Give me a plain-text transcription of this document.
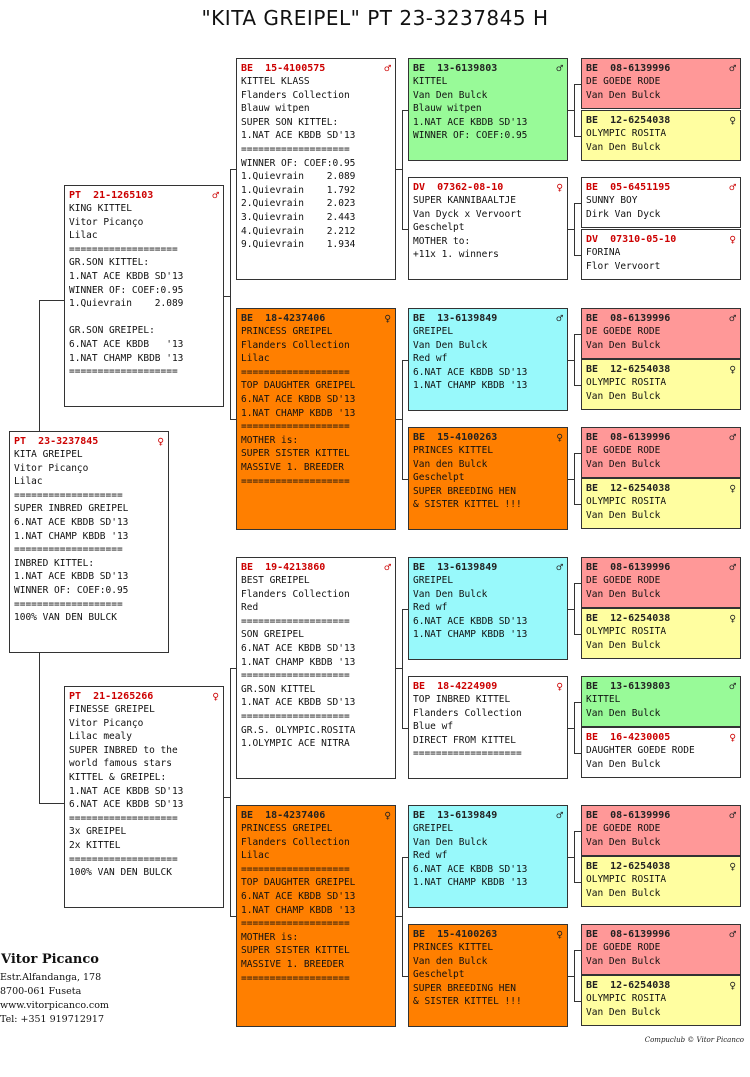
"KITA GREIPEL" PT 23-3237845 H
PT  23-3237845	♀
KITA GREIPEL
Vitor Picanço
Lilac
===================
SUPER INBRED GREIPEL
6.NAT ACE KBDB SD'13
1.NAT CHAMP KBDB '13
===================
INBRED KITTEL:
1.NAT ACE KBDB SD'13
WINNER OF: COEF:0.95
===================
100% VAN DEN BULCK
PT  21-1265103	♂
KING KITTEL
Vitor Picanço
Lilac
===================
GR.SON KITTEL:
1.NAT ACE KBDB SD'13
WINNER OF: COEF:0.95
1.Quievrain    2.089
GR.SON GREIPEL:
6.NAT ACE KBDB   '13
1.NAT CHAMP KBDB '13
===================
PT  21-1265266	♀
FINESSE GREIPEL
Vitor Picanço
Lilac mealy
SUPER INBRED to the
world famous stars
KITTEL & GREIPEL:
1.NAT ACE KBDB SD'13
6.NAT ACE KBDB SD'13
===================
3x GREIPEL
2x KITTEL
===================
100% VAN DEN BULCK
BE  15-4100575	♂
KITTEL KLASS
Flanders Collection
Blauw witpen
SUPER SON KITTEL:
1.NAT ACE KBDB SD'13
===================
WINNER OF: COEF:0.95
1.Quievrain    2.089
1.Quievrain    1.792
2.Quievrain    2.023
3.Quievrain    2.443
4.Quievrain    2.212
9.Quievrain    1.934
BE  18-4237406	♀
PRINCESS GREIPEL
Flanders Collection
Lilac
===================
TOP DAUGHTER GREIPEL
6.NAT ACE KBDB SD'13
1.NAT CHAMP KBDB '13
===================
MOTHER is:
SUPER SISTER KITTEL
MASSIVE 1. BREEDER
===================
BE  19-4213860	♂
BEST GREIPEL
Flanders Collection
Red
===================
SON GREIPEL
6.NAT ACE KBDB SD'13
1.NAT CHAMP KBDB '13
===================
GR.SON KITTEL
1.NAT ACE KBDB SD'13
===================
GR.S. OLYMPIC.ROSITA
1.OLYMPIC ACE NITRA
BE  18-4237406	♀
PRINCESS GREIPEL
Flanders Collection
Lilac
===================
TOP DAUGHTER GREIPEL
6.NAT ACE KBDB SD'13
1.NAT CHAMP KBDB '13
===================
MOTHER is:
SUPER SISTER KITTEL
MASSIVE 1. BREEDER
===================
BE  13-6139803	♂
KITTEL
Van Den Bulck
Blauw witpen
1.NAT ACE KBDB SD'13
WINNER OF: COEF:0.95
DV  07362-08-10	♀
SUPER KANNIBAALTJE
Van Dyck x Vervoort
Geschelpt
MOTHER to:
+11x 1. winners
BE  13-6139849	♂
GREIPEL
Van Den Bulck
Red wf
6.NAT ACE KBDB SD'13
1.NAT CHAMP KBDB '13
BE  15-4100263	♀
PRINCES KITTEL
Van den Bulck
Geschelpt
SUPER BREEDING HEN
& SISTER KITTEL !!!
BE  13-6139849	♂
GREIPEL
Van Den Bulck
Red wf
6.NAT ACE KBDB SD'13
1.NAT CHAMP KBDB '13
BE  18-4224909	♀
TOP INBRED KITTEL
Flanders Collection
Blue wf
DIRECT FROM KITTEL
===================
BE  13-6139849	♂
GREIPEL
Van Den Bulck
Red wf
6.NAT ACE KBDB SD'13
1.NAT CHAMP KBDB '13
BE  15-4100263	♀
PRINCES KITTEL
Van den Bulck
Geschelpt
SUPER BREEDING HEN
& SISTER KITTEL !!!
BE  08-6139996	♂
DE GOEDE RODE
Van Den Bulck
BE  12-6254038	♀
OLYMPIC ROSITA
Van Den Bulck
BE  05-6451195	♂
SUNNY BOY
Dirk Van Dyck
DV  07310-05-10	♀
FORINA
Flor Vervoort
BE  08-6139996	♂
DE GOEDE RODE
Van Den Bulck
BE  12-6254038	♀
OLYMPIC ROSITA
Van Den Bulck
BE  08-6139996	♂
DE GOEDE RODE
Van Den Bulck
BE  12-6254038	♀
OLYMPIC ROSITA
Van Den Bulck
BE  08-6139996	♂
DE GOEDE RODE
Van Den Bulck
BE  12-6254038	♀
OLYMPIC ROSITA
Van Den Bulck
BE  13-6139803	♂
KITTEL
Van Den Bulck
BE  16-4230005	♀
DAUGHTER GOEDE RODE
Van Den Bulck
BE  08-6139996	♂
DE GOEDE RODE
Van Den Bulck
BE  12-6254038	♀
OLYMPIC ROSITA
Van Den Bulck
BE  08-6139996	♂
DE GOEDE RODE
Van Den Bulck
BE  12-6254038	♀
OLYMPIC ROSITA
Van Den Bulck
Vitor Picanco
Estr.Alfandanga, 178
8700-061 Fuseta
www.vitorpicanco.com
Tel: +351 919712917
Compuclub © Vitor Picanco
